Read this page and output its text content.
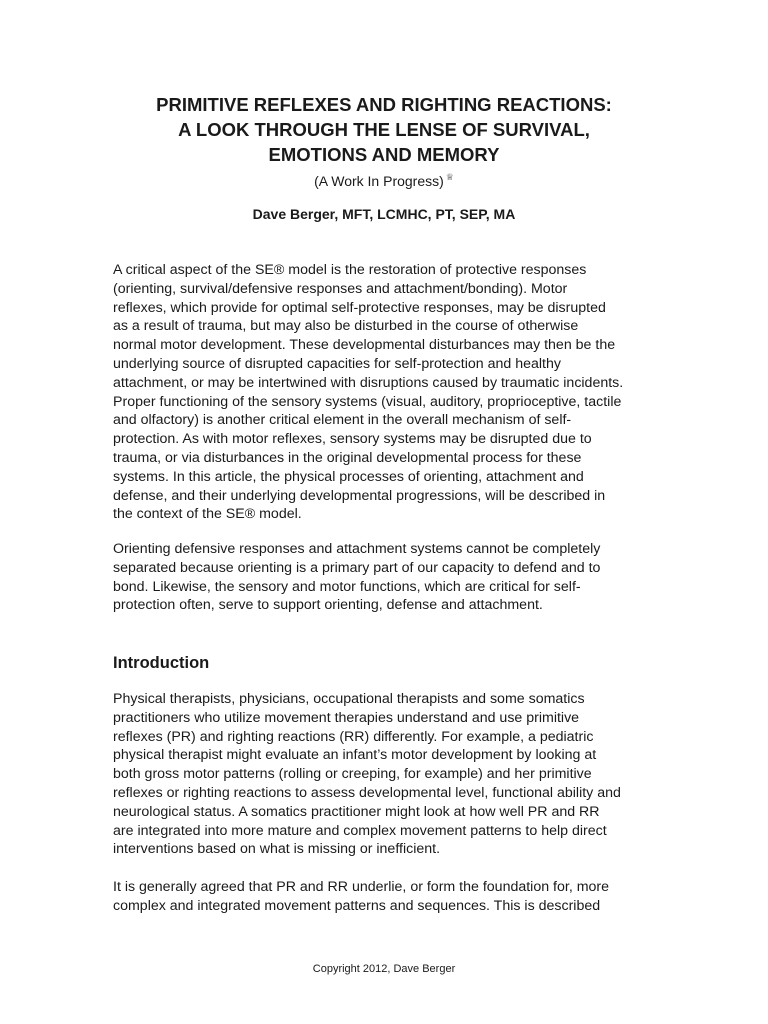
PRIMITIVE REFLEXES AND RIGHTING REACTIONS:
A LOOK THROUGH THE LENSE OF SURVIVAL,
EMOTIONS AND MEMORY
(A Work In Progress) ♕
Dave Berger, MFT, LCMHC, PT, SEP, MA
A critical aspect of the SE® model is the restoration of protective responses
(orienting, survival/defensive responses and attachment/bonding). Motor
reflexes, which provide for optimal self-protective responses, may be disrupted
as a result of trauma, but may also be disturbed in the course of otherwise
normal motor development. These developmental disturbances may then be the
underlying source of disrupted capacities for self-protection and healthy
attachment, or may be intertwined with disruptions caused by traumatic incidents.
Proper functioning of the sensory systems (visual, auditory, proprioceptive, tactile
and olfactory) is another critical element in the overall mechanism of self-
protection. As with motor reflexes, sensory systems may be disrupted due to
trauma, or via disturbances in the original developmental process for these
systems. In this article, the physical processes of orienting, attachment and
defense, and their underlying developmental progressions, will be described in
the context of the SE® model.
Orienting defensive responses and attachment systems cannot be completely
separated because orienting is a primary part of our capacity to defend and to
bond. Likewise, the sensory and motor functions, which are critical for self-
protection often, serve to support orienting, defense and attachment.
Introduction
Physical therapists, physicians, occupational therapists and some somatics
practitioners who utilize movement therapies understand and use primitive
reflexes (PR) and righting reactions (RR) differently. For example, a pediatric
physical therapist might evaluate an infant’s motor development by looking at
both gross motor patterns (rolling or creeping, for example) and her primitive
reflexes or righting reactions to assess developmental level, functional ability and
neurological status. A somatics practitioner might look at how well PR and RR
are integrated into more mature and complex movement patterns to help direct
interventions based on what is missing or inefficient.
It is generally agreed that PR and RR underlie, or form the foundation for, more
complex and integrated movement patterns and sequences. This is described
Copyright 2012, Dave Berger
